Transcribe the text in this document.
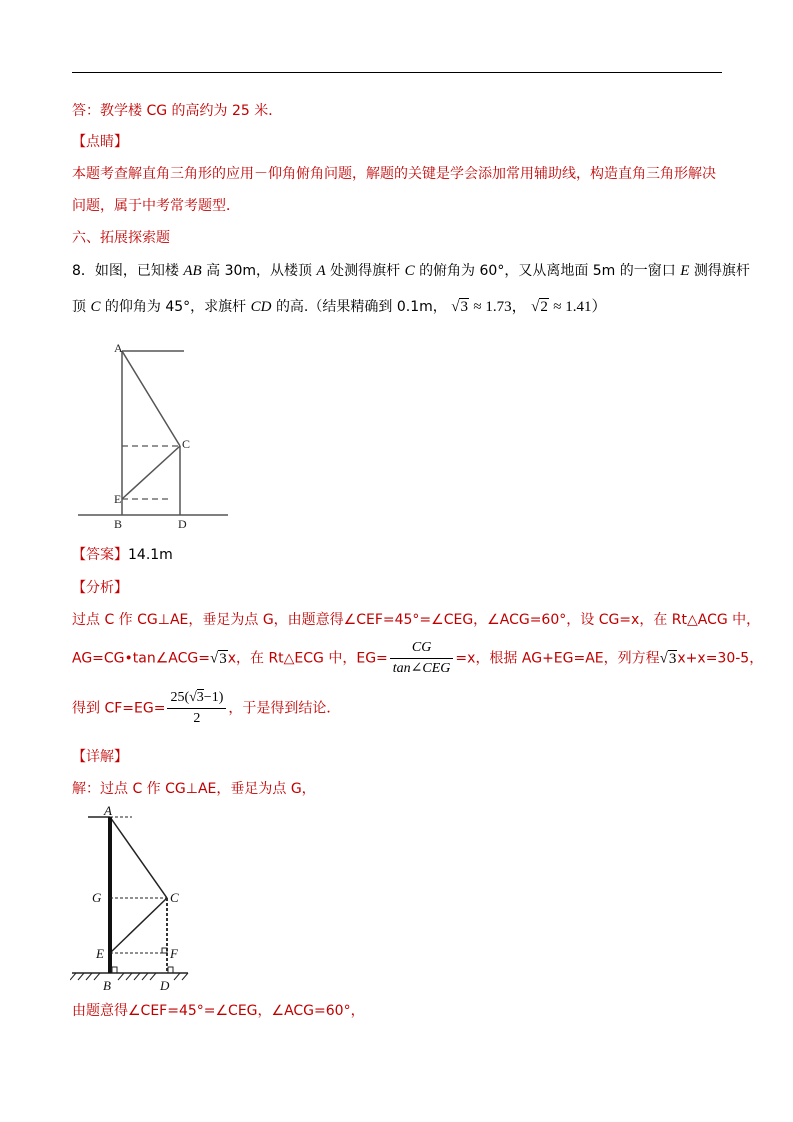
答：教学楼 CG 的高约为 25 米．
【点睛】
本题考查解直角三角形的应用－仰角俯角问题，解题的关键是学会添加常用辅助线，构造直角三角形解决
问题，属于中考常考题型．
六、拓展探索题
8．如图，已知楼 AB 高 30m，从楼顶 A 处测得旗杆 C 的俯角为 60°，又从离地面 5m 的一窗口 E 测得旗杆
顶 C 的仰角为 45°，求旗杆 CD 的高.（结果精确到 0.1m， √3 ≈ 1.73， √2 ≈ 1.41）
A
C
E
B	D
【答案】14.1m
【分析】
过点 C 作 CG⊥AE，垂足为点 G，由题意得∠CEF=45°=∠CEG，∠ACG=60°，设 CG=x，在 Rt△ACG 中，
AG=CG•tan∠ACG=√3x，在 Rt△ECG 中，$EG= \frac{CG}{\text{tan∠CEG}} =x$，根据 AG+EG=AE，列方程√3x+x=30-5，
得到 $CF=EG= \frac{25(√3-1)}{2}$ ，于是得到结论．
【详解】
解：过点 C 作 CG⊥AE，垂足为点 G，
A
G	C
E	F
B	D
由题意得∠CEF=45°=∠CEG，∠ACG=60°，
